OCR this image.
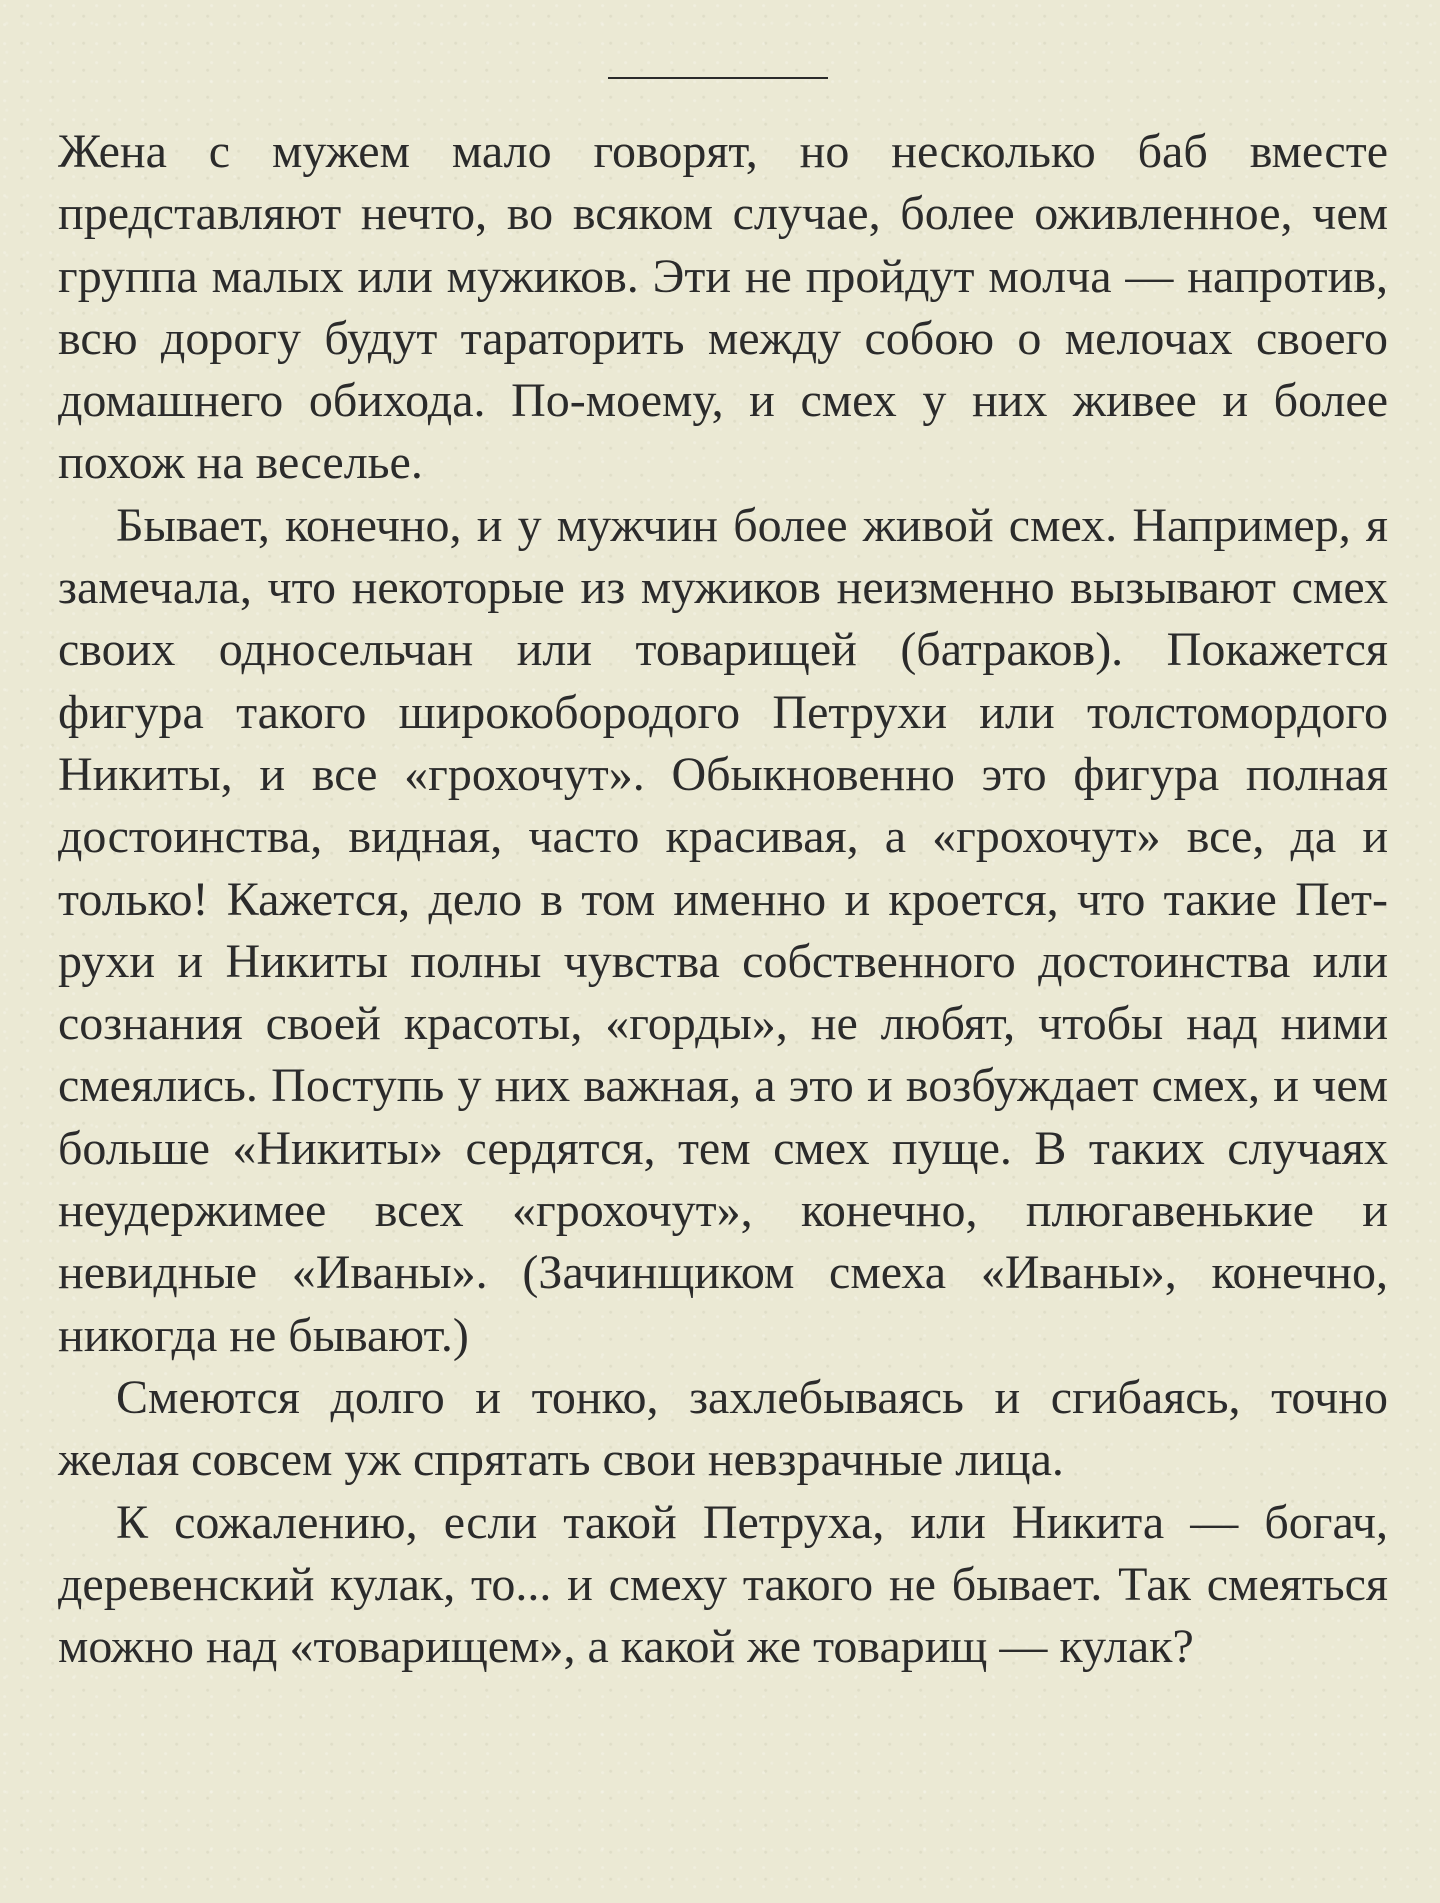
Жена с мужем мало говорят, но несколько баб вместе представляют нечто, во всяком случае, более оживленное, чем группа малых или мужиков. Эти не пройдут молча — напротив, всю дорогу будут тараторить между собою о мелочах своего домашнего обихода. По-моему, и смех у них живее и более похож на веселье.

Бывает, конечно, и у мужчин более живой смех. Например, я замечала, что некоторые из мужиков неизменно вызывают смех своих односельчан или товарищей (батраков). Покажется фигура такого широкобородого Петрухи или толстомордого Никиты, и все «грохочут». Обыкновенно это фигура полная достоинства, видная, часто красивая, а «грохочут» все, да и только! Кажется, дело в том именно и кроется, что такие Петрухи и Никиты полны чувства собственного достоинства или сознания своей красоты, «горды», не любят, чтобы над ними смеялись. Поступь у них важная, а это и возбуждает смех, и чем больше «Никиты» сердятся, тем смех пуще. В таких случаях неудержимее всех «грохочут», конечно, плюгавенькие и невидные «Иваны». (Зачинщиком смеха «Иваны», конечно, никогда не бывают.)

Смеются долго и тонко, захлебываясь и сгибаясь, точно желая совсем уж спрятать свои невзрачные лица.

К сожалению, если такой Петруха, или Никита — богач, деревенский кулак, то... и смеху такого не бывает. Так смеяться можно над «товарищем», а какой же товарищ — кулак?
